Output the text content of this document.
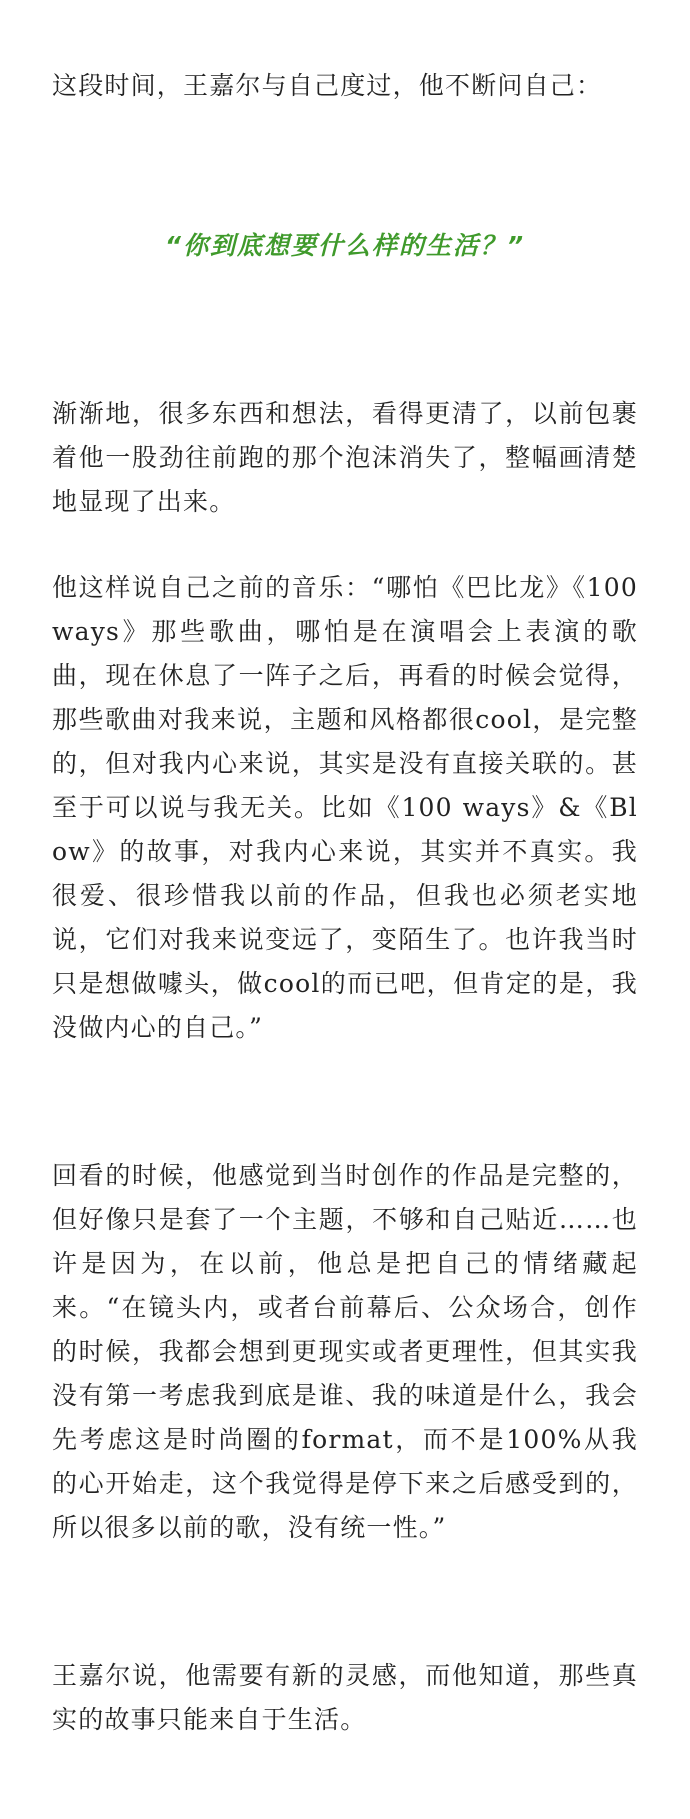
这段时间，王嘉尔与自己度过，他不断问自己：

“你到底想要什么样的生活？”

渐渐地，很多东西和想法，看得更清了，以前包裹着他一股劲往前跑的那个泡沫消失了，整幅画清楚地显现了出来。

他这样说自己之前的音乐：“哪怕《巴比龙》《100 ways》那些歌曲，哪怕是在演唱会上表演的歌曲，现在休息了一阵子之后，再看的时候会觉得，那些歌曲对我来说，主题和风格都很cool，是完整的，但对我内心来说，其实是没有直接关联的。甚至于可以说与我无关。比如《100 ways》&《Blow》的故事，对我内心来说，其实并不真实。我很爱、很珍惜我以前的作品，但我也必须老实地说，它们对我来说变远了，变陌生了。也许我当时只是想做噱头，做cool的而已吧，但肯定的是，我没做内心的自己。”

回看的时候，他感觉到当时创作的作品是完整的，但好像只是套了一个主题，不够和自己贴近……也许是因为，在以前，他总是把自己的情绪藏起来。“在镜头内，或者台前幕后、公众场合，创作的时候，我都会想到更现实或者更理性，但其实我没有第一考虑我到底是谁、我的味道是什么，我会先考虑这是时尚圈的format，而不是100%从我的心开始走，这个我觉得是停下来之后感受到的，所以很多以前的歌，没有统一性。”

王嘉尔说，他需要有新的灵感，而他知道，那些真实的故事只能来自于生活。
